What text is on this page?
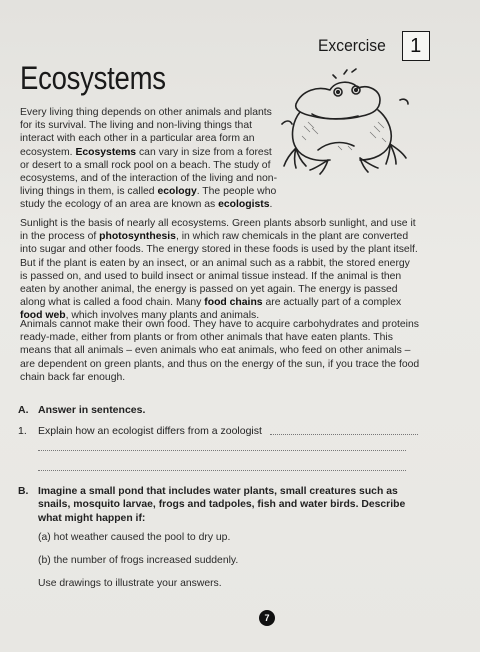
Excercise	1
Ecosystems
Every living thing depends on other animals and plants for its survival. The living and non-living things that interact with each other in a particular area form an ecosystem. Ecosystems can vary in size from a forest or desert to a small rock pool on a beach. The study of ecosystems, and of the interaction of the living and non-living things in them, is called ecology. The people who study the ecology of an area are known as ecologists.
Sunlight is the basis of nearly all ecosystems. Green plants absorb sunlight, and use it in the process of photosynthesis, in which raw chemicals in the plant are converted into sugar and other foods. The energy stored in these foods is used by the plant itself. But if the plant is eaten by an insect, or an animal such as a rabbit, the stored energy is passed on, and used to build insect or animal tissue instead. If the animal is then eaten by another animal, the energy is passed on yet again. The energy is passed along what is called a food chain. Many food chains are actually part of a complex food web, which involves many plants and animals.
Animals cannot make their own food. They have to acquire carbohydrates and proteins ready-made, either from plants or from other animals that have eaten plants. This means that all animals – even animals who eat animals, who feed on other animals – are dependent on green plants, and thus on the energy of the sun, if you trace the food chain back far enough.
A. Answer in sentences.
1.	Explain how an ecologist differs from a zoologist
B. Imagine a small pond that includes water plants, small creatures such as snails, mosquito larvae, frogs and tadpoles, fish and water birds. Describe what might happen if:
(a) hot weather caused the pool to dry up.
(b) the number of frogs increased suddenly.
Use drawings to illustrate your answers.
7
